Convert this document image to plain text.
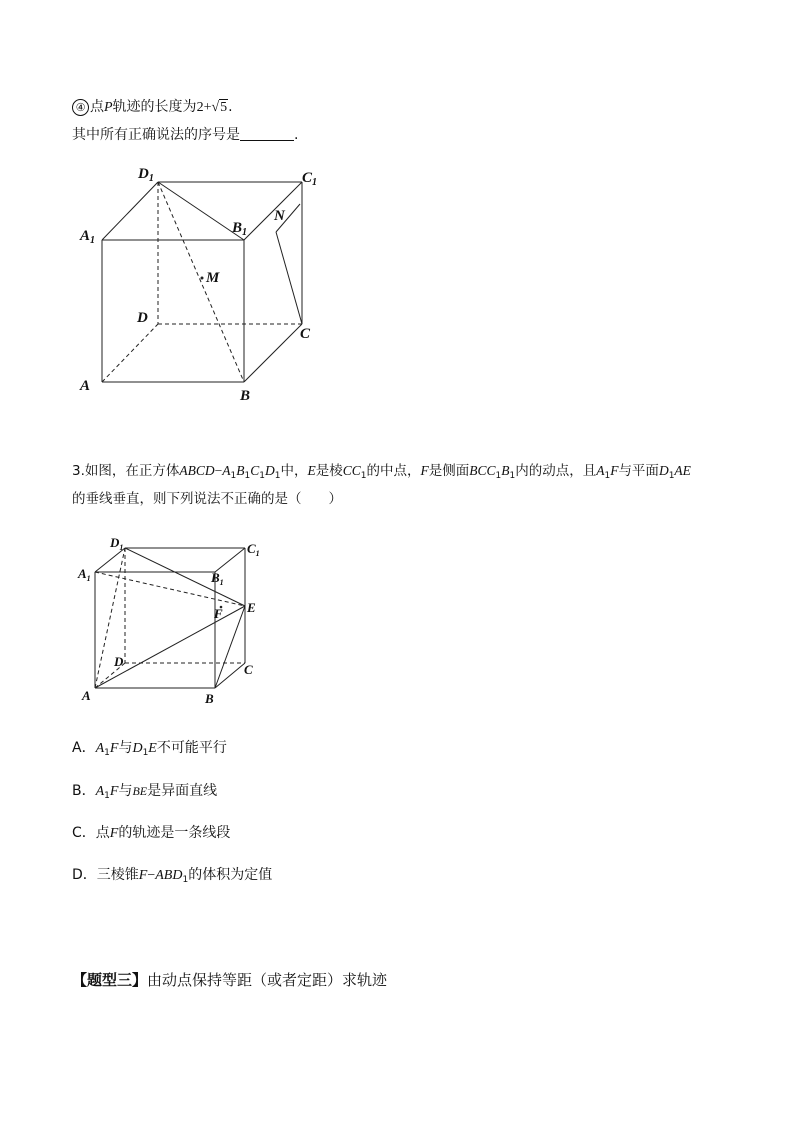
④ 点P轨迹的长度为2+√5.
其中所有正确说法的序号是	.
$D_1$	$C_1$
$A_1$
$B_1$
N
M
D
C
A
B
3.如图，在正方体$ABCD-A_1B_1C_1D_1$中，E是棱$CC_1$的中点，F是侧面$BCC_1B_1$内的动点，且$A_1F$与平面$D_1AE$
的垂线垂直，则下列说法不正确的是（　　）
$D_1$	$C_1$
$A_1$	$B_1$
E
F
D
C
A	B
A．$A_1F$与$D_1E$不可能平行
B．$A_1F$与BE是异面直线
C．点F的轨迹是一条线段
D．三棱锥$F-ABD_1$的体积为定值
【题型三】由动点保持等距（或者定距）求轨迹
